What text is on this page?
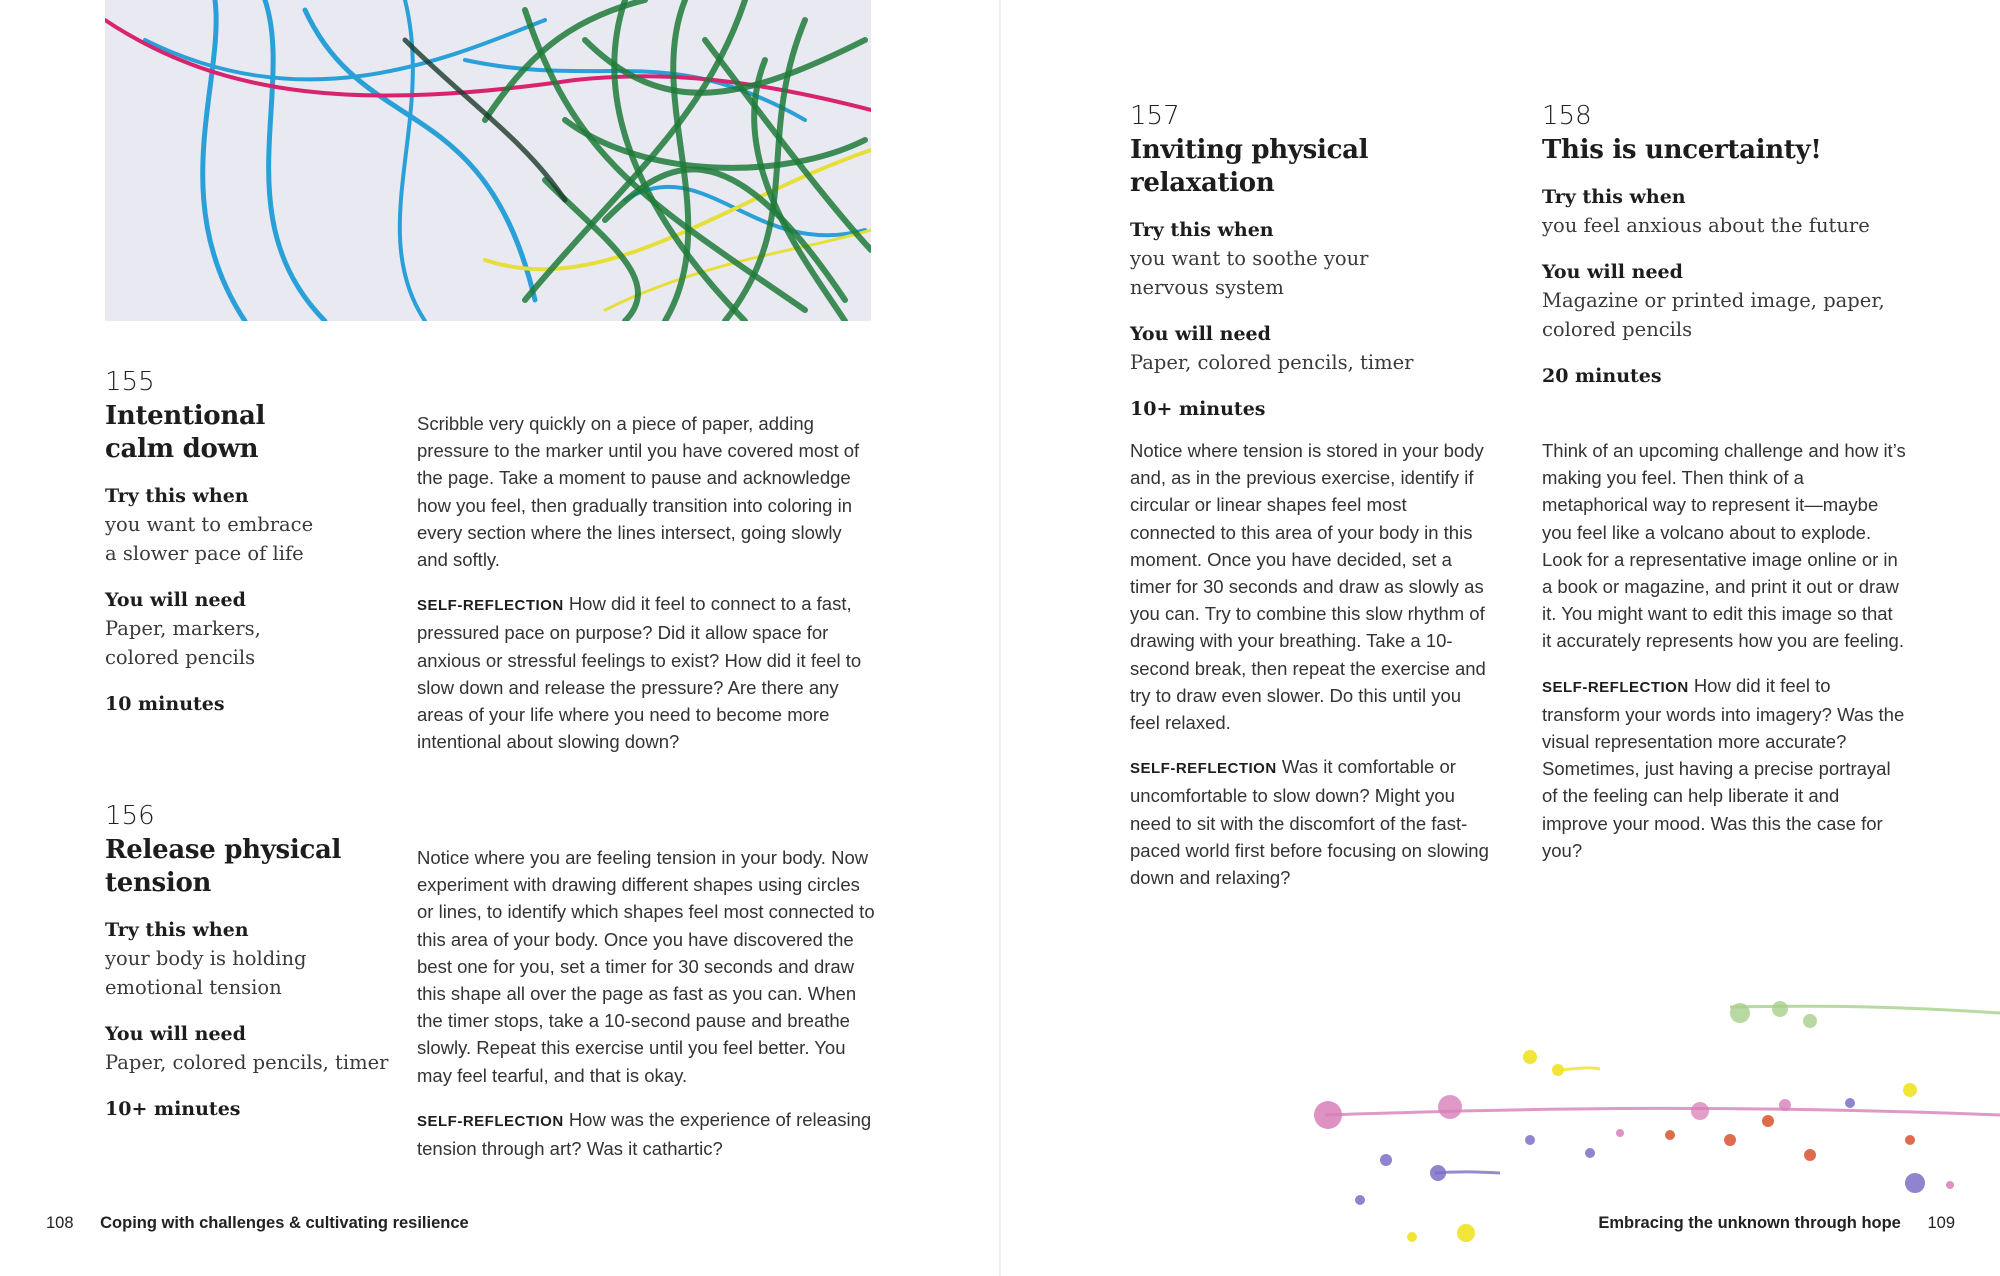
155
Intentional
calm down
Try this when
you want to embrace
a slower pace of life
You will need
Paper, markers,
colored pencils
10 minutes

Scribble very quickly on a piece of paper, adding pressure to the marker until you have covered most of the page. Take a moment to pause and acknowledge how you feel, then gradually transition into coloring in every section where the lines intersect, going slowly and softly.

SELF-REFLECTION How did it feel to connect to a fast, pressured pace on purpose? Did it allow space for anxious or stressful feelings to exist? How did it feel to slow down and release the pressure? Are there any areas of your life where you need to become more intentional about slowing down?

156
Release physical
tension
Try this when
your body is holding
emotional tension
You will need
Paper, colored pencils, timer
10+ minutes

Notice where you are feeling tension in your body. Now experiment with drawing different shapes using circles or lines, to identify which shapes feel most connected to this area of your body. Once you have discovered the best one for you, set a timer for 30 seconds and draw this shape all over the page as fast as you can. When the timer stops, take a 10-second pause and breathe slowly. Repeat this exercise until you feel better. You may feel tearful, and that is okay.

SELF-REFLECTION How was the experience of releasing tension through art? Was it cathartic?

157
Inviting physical relaxation
Try this when
you want to soothe your
nervous system
You will need
Paper, colored pencils, timer
10+ minutes

Notice where tension is stored in your body and, as in the previous exercise, identify if circular or linear shapes feel most connected to this area of your body in this moment. Once you have decided, set a timer for 30 seconds and draw as slowly as you can. Try to combine this slow rhythm of drawing with your breathing. Take a 10-second break, then repeat the exercise and try to draw even slower. Do this until you feel relaxed.

SELF-REFLECTION Was it comfortable or uncomfortable to slow down? Might you need to sit with the discomfort of the fast-paced world first before focusing on slowing down and relaxing?

158
This is uncertainty!
Try this when
you feel anxious about the future
You will need
Magazine or printed image, paper,
colored pencils
20 minutes

Think of an upcoming challenge and how it’s making you feel. Then think of a metaphorical way to represent it—maybe you feel like a volcano about to explode. Look for a representative image online or in a book or magazine, and print it out or draw it. You might want to edit this image so that it accurately represents how you are feeling.

SELF-REFLECTION How did it feel to transform your words into imagery? Was the visual representation more accurate? Sometimes, just having a precise portrayal of the feeling can help liberate it and improve your mood. Was this the case for you?

108 Coping with challenges & cultivating resilience	Embracing the unknown through hope 109
